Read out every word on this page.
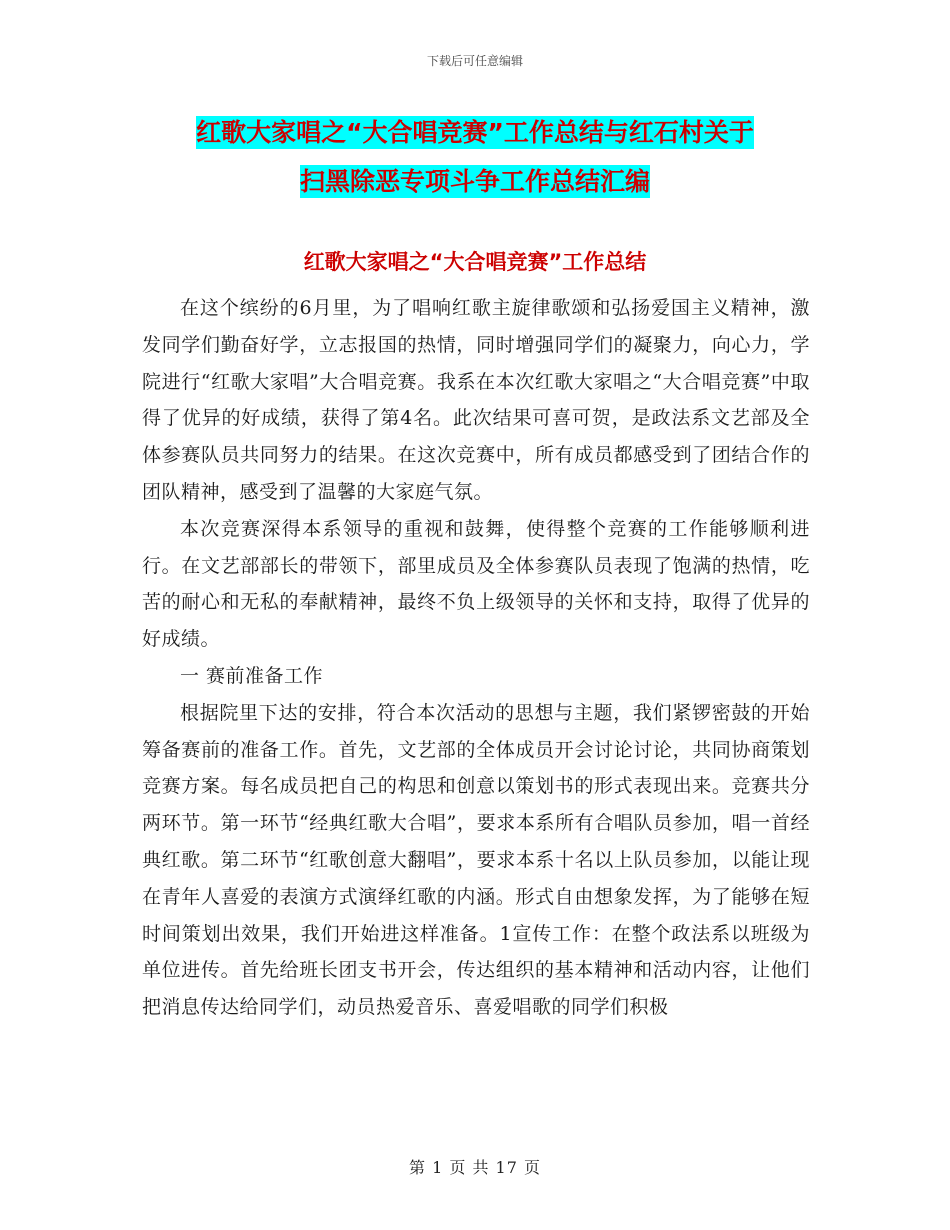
下载后可任意编辑
红歌大家唱之“大合唱竞赛”工作总结与红石村关于
扫黑除恶专项斗争工作总结汇编
红歌大家唱之“大合唱竞赛”工作总结

在这个缤纷的6月里，为了唱响红歌主旋律歌颂和弘扬爱国主义精神，激发同学们勤奋好学，立志报国的热情，同时增强同学们的凝聚力，向心力，学院进行“红歌大家唱”大合唱竞赛。我系在本次红歌大家唱之“大合唱竞赛”中取得了优异的好成绩，获得了第4名。此次结果可喜可贺，是政法系文艺部及全体参赛队员共同努力的结果。在这次竞赛中，所有成员都感受到了团结合作的团队精神，感受到了温馨的大家庭气氛。

本次竞赛深得本系领导的重视和鼓舞，使得整个竞赛的工作能够顺利进行。在文艺部部长的带领下，部里成员及全体参赛队员表现了饱满的热情，吃苦的耐心和无私的奉献精神，最终不负上级领导的关怀和支持，取得了优异的好成绩。

一 赛前准备工作

根据院里下达的安排，符合本次活动的思想与主题，我们紧锣密鼓的开始筹备赛前的准备工作。首先，文艺部的全体成员开会讨论讨论，共同协商策划竞赛方案。每名成员把自己的构思和创意以策划书的形式表现出来。竞赛共分两环节。第一环节“经典红歌大合唱”，要求本系所有合唱队员参加，唱一首经典红歌。第二环节“红歌创意大翻唱”，要求本系十名以上队员参加，以能让现在青年人喜爱的表演方式演绎红歌的内涵。形式自由想象发挥，为了能够在短时间策划出效果，我们开始进这样准备。1宣传工作：在整个政法系以班级为单位进传。首先给班长团支书开会，传达组织的基本精神和活动内容，让他们把消息传达给同学们，动员热爱音乐、喜爱唱歌的同学们积极

第 1 页 共 17 页
